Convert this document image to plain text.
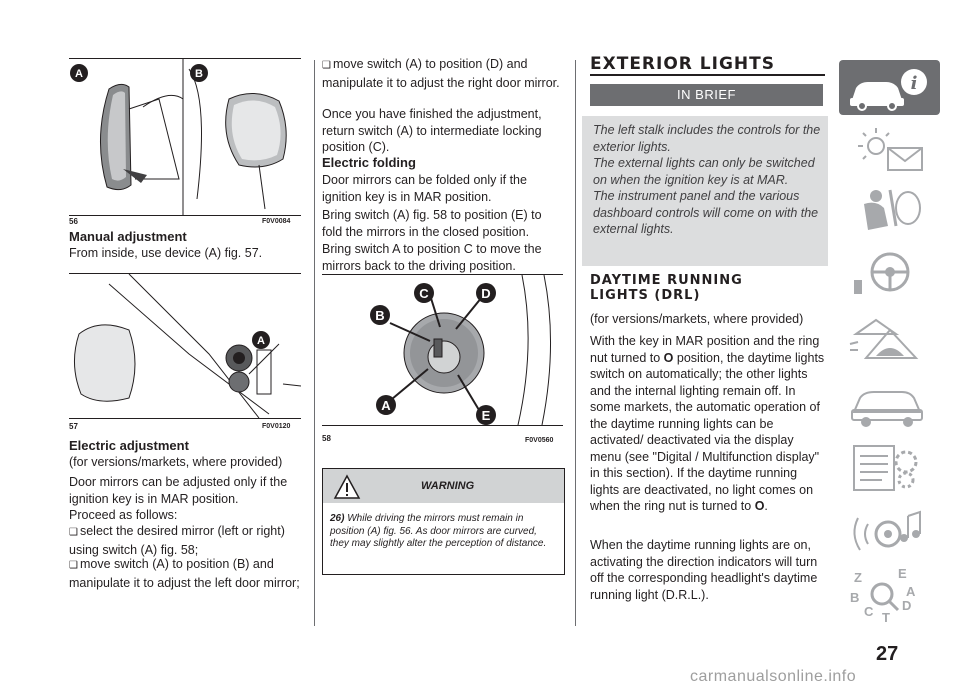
A	B
56	F0V0084
Manual adjustment
From inside, use device (A) fig. 57.
A
57	F0V0120
Electric adjustment
(for versions/markets, where provided)
Door mirrors can be adjusted only if the ignition key is in MAR position.
Proceed as follows:
❑ select the desired mirror (left or right) using switch (A) fig. 58;
❑ move switch (A) to position (B) and manipulate it to adjust the left door mirror;
❑ move switch (A) to position (D) and manipulate it to adjust the right door mirror.
Once you have finished the adjustment, return switch (A) to intermediate locking position (C).
Electric folding
Door mirrors can be folded only if the ignition key is in MAR position.
Bring switch (A) fig. 58 to position (E) to fold the mirrors in the closed position.
Bring switch A to position C to move the mirrors back to the driving position.
B
C	D
A
E
58	F0V0560
WARNING
26) While driving the mirrors must remain in position (A) fig. 56. As door mirrors are curved, they may slightly alter the perception of distance.
EXTERIOR LIGHTS
IN BRIEF
The left stalk includes the controls for the exterior lights.
The external lights can only be switched on when the ignition key is at MAR.
The instrument panel and the various dashboard controls will come on with the external lights.
DAYTIME RUNNING LIGHTS (DRL)
(for versions/markets, where provided)
With the key in MAR position and the ring nut turned to O position, the daytime lights switch on automatically; the other lights and the internal lighting remain off. In some markets, the automatic operation of the daytime running lights can be activated/ deactivated via the display menu (see "Digital / Multifunction display" in this section). If the daytime running lights are deactivated, no light comes on when the ring nut is turned to O.
When the daytime running lights are on, activating the direction indicators will turn off the corresponding headlight's daytime running light (D.R.L.).
i
Z	E
B
C T
D
A
27
carmanualsonline.info
